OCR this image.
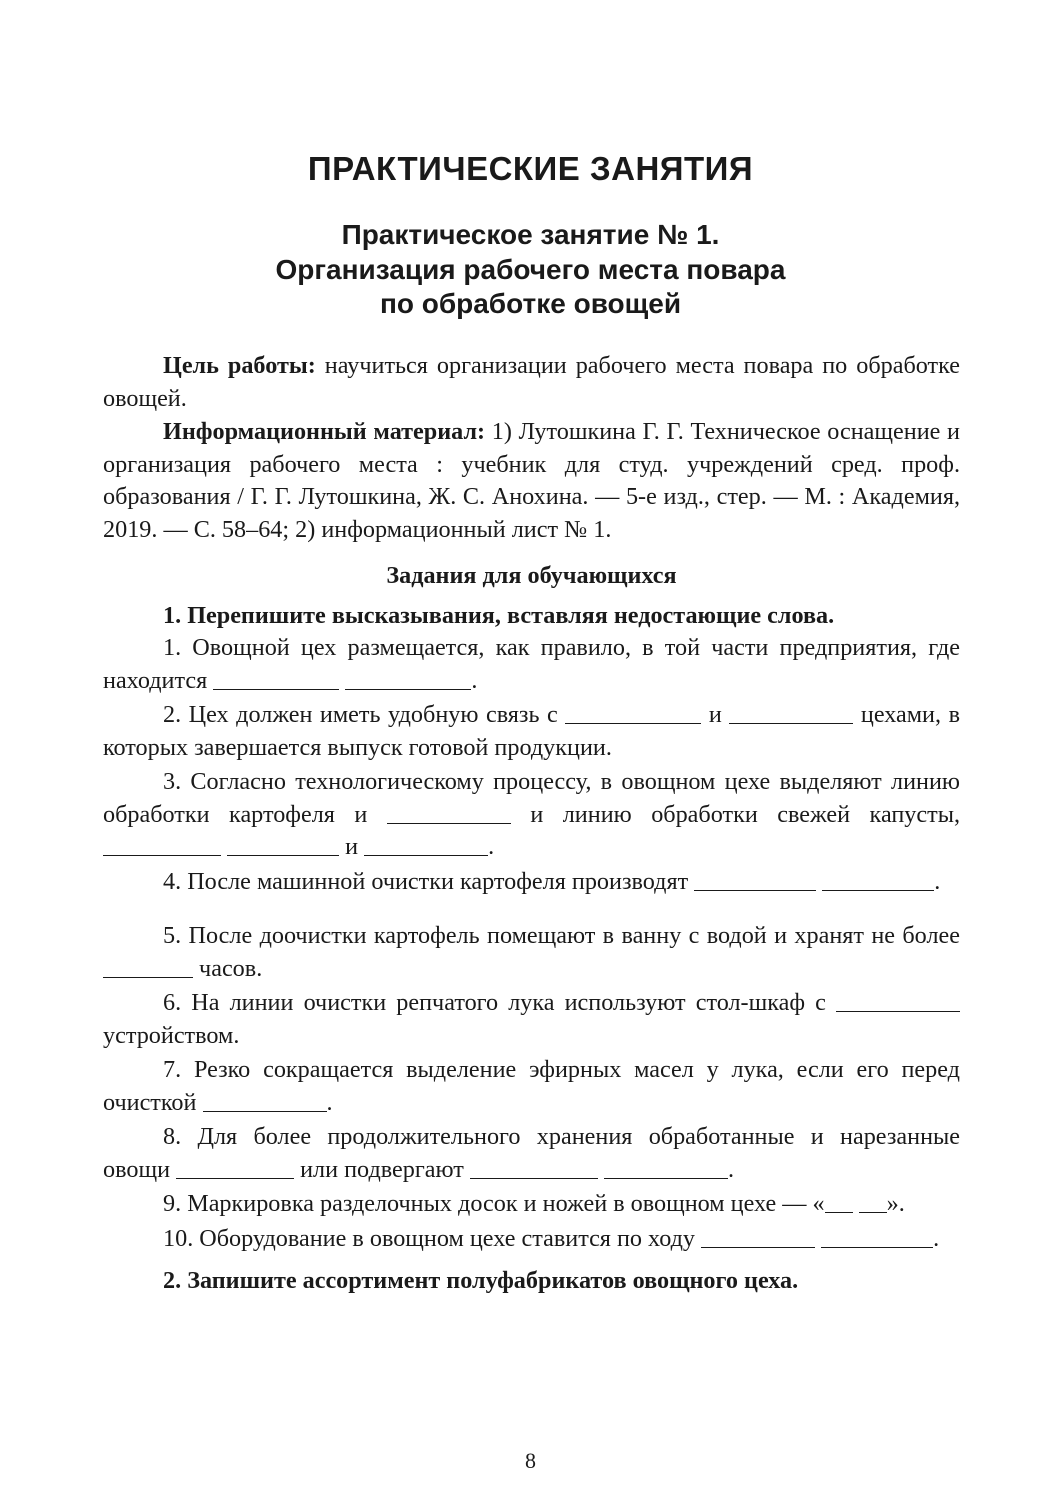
ПРАКТИЧЕСКИЕ ЗАНЯТИЯ
Практическое занятие № 1.
Организация рабочего места повара
по обработке овощей

Цель работы: научиться организации рабочего места повара по обработке овощей.

Информационный материал: 1) Лутошкина Г. Г. Техническое оснащение и организация рабочего места : учебник для студ. учреждений сред. проф. образования / Г. Г. Лутошкина, Ж. С. Анохина. — 5-е изд., стер. — М. : Академия, 2019. — С. 58–64; 2) информационный лист № 1.

Задания для обучающихся

1. Перепишите высказывания, вставляя недостающие слова.

1. Овощной цех размещается, как правило, в той части предприятия, где находится	.

2. Цех должен иметь удобную связь с	и	цехами, в которых завершается выпуск готовой продукции.

3. Согласно технологическому процессу, в овощном цехе выделяют линию обработки картофеля и	и линию обработки свежей капусты,   и	.

4. После машинной очистки картофеля производят	.

5. После доочистки картофель помещают в ванну с водой и хранят не более  часов.

6. На линии очистки репчатого лука используют стол-шкаф с  устройством.

7. Резко сокращается выделение эфирных масел у лука, если его перед очисткой	.

8. Для более продолжительного хранения обработанные и нарезанные овощи	или подвергают	.

9. Маркировка разделочных досок и ножей в овощном цехе — «	».

10. Оборудование в овощном цехе ставится по ходу	.

2. Запишите ассортимент полуфабрикатов овощного цеха.

8
